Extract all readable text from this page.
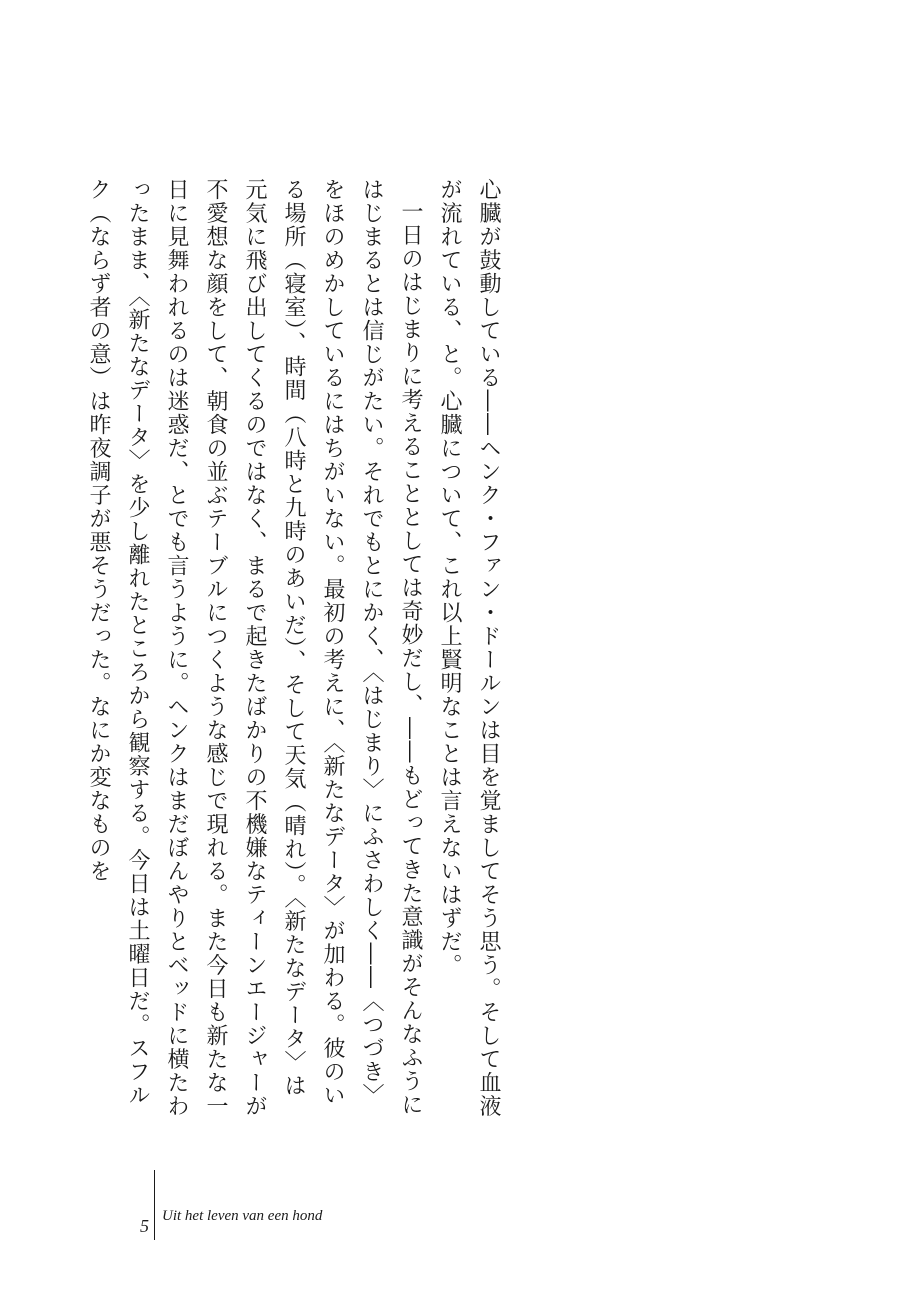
心臓が鼓動している――ヘンク・ファン・ドールンは目を覚ましてそう思う。そして血液が流れている、と。心臓について、これ以上賢明なことは言えないはずだ。

一日のはじまりに考えることとしては奇妙だし、――もどってきた意識がそんなふうにはじまるとは信じがたい。それでもとにかく、〈はじまり〉にふさわしく――〈つづき〉をほのめかしているにはちがいない。最初の考えに、〈新たなデータ〉が加わる。彼のいる場所（寝室）、時間（八時と九時のあいだ）、そして天気（晴れ）。〈新たなデータ〉は元気に飛び出してくるのではなく、まるで起きたばかりの不機嫌なティーンエージャーが不愛想な顔をして、朝食の並ぶテーブルにつくような感じで現れる。また今日も新たな一日に見舞われるのは迷惑だ、とでも言うように。ヘンクはまだぼんやりとベッドに横たわったまま、〈新たなデータ〉を少し離れたところから観察する。今日は土曜日だ。スフルク（ならず者の意）は昨夜調子が悪そうだった。なにか変なものを

5 Uit het leven van een hond
